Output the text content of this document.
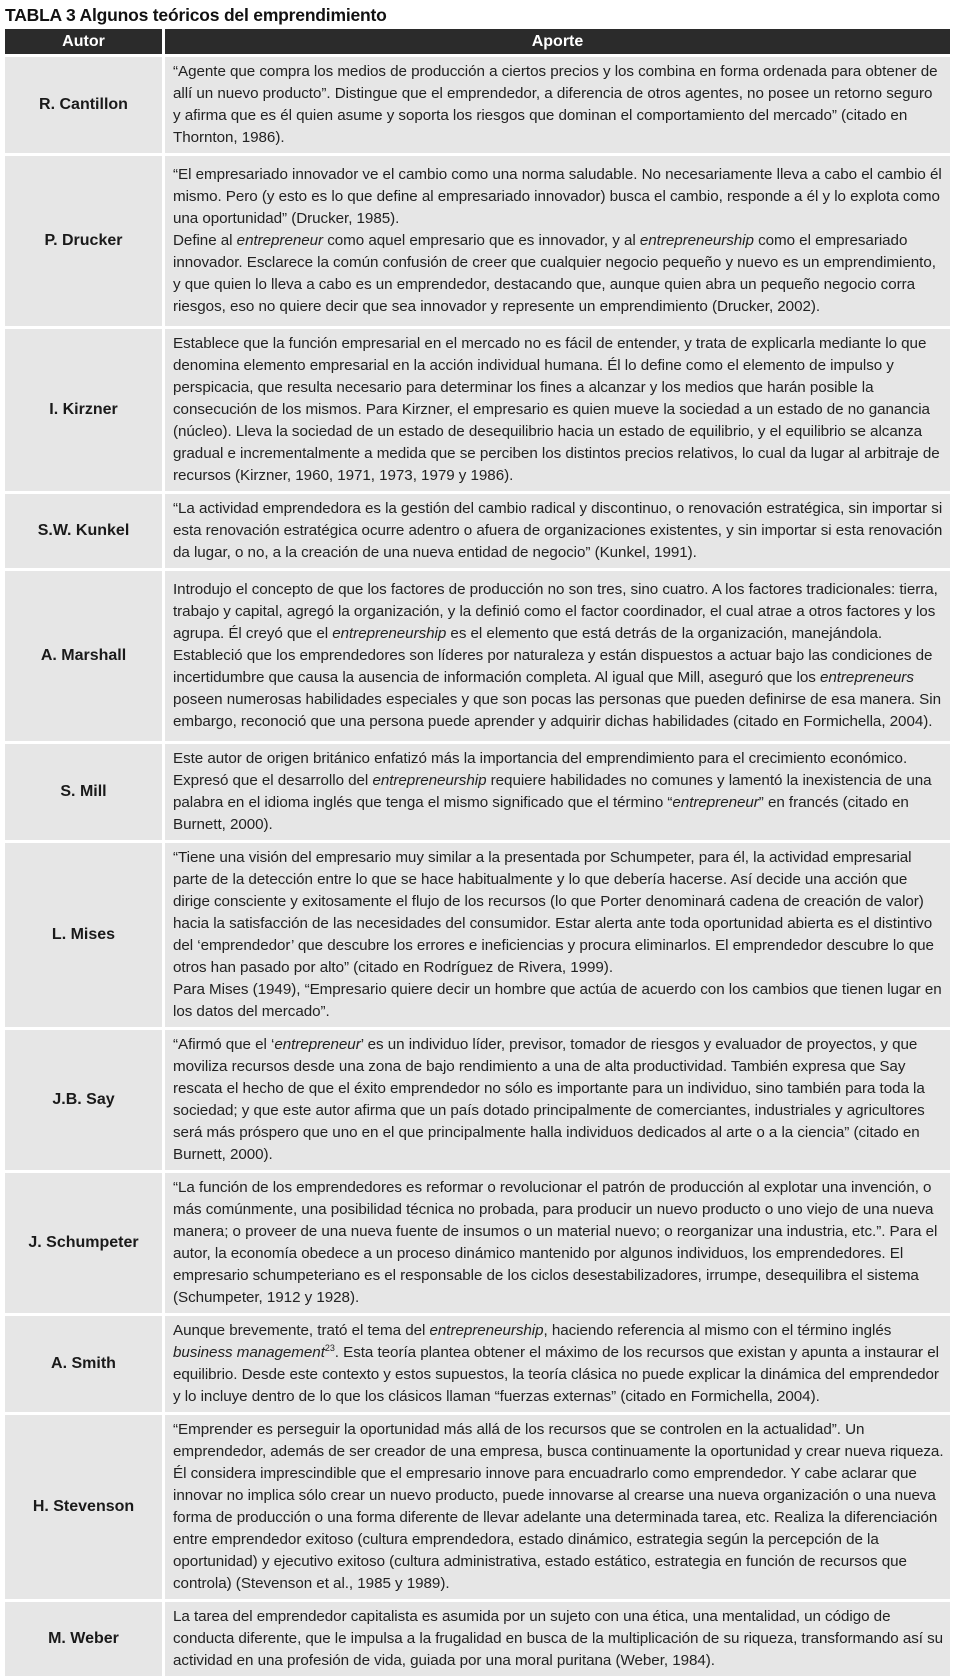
TABLA 3 Algunos teóricos del emprendimiento
Autor	Aporte
R. Cantillon	“Agente que compra los medios de producción a ciertos precios y los combina en forma ordenada para obtener de allí un nuevo producto”. Distingue que el emprendedor, a diferencia de otros agentes, no posee un retorno seguro y afirma que es él quien asume y soporta los riesgos que dominan el comportamiento del mercado” (citado en Thornton, 1986).

P. Drucker	“El empresariado innovador ve el cambio como una norma saludable. No necesariamente lleva a cabo el cambio él mismo. Pero (y esto es lo que define al empresariado innovador) busca el cambio, responde a él y lo explota como una oportunidad” (Drucker, 1985).
Define al entrepreneur como aquel empresario que es innovador, y al entrepreneurship como el empresariado innovador. Esclarece la común confusión de creer que cualquier negocio pequeño y nuevo es un emprendimiento, y que quien lo lleva a cabo es un emprendedor, destacando que, aunque quien abra un pequeño negocio corra riesgos, eso no quiere decir que sea innovador y represente un emprendimiento (Drucker, 2002).

I. Kirzner	Establece que la función empresarial en el mercado no es fácil de entender, y trata de explicarla mediante lo que denomina elemento empresarial en la acción individual humana. Él lo define como el elemento de impulso y perspicacia, que resulta necesario para determinar los fines a alcanzar y los medios que harán posible la consecución de los mismos. Para Kirzner, el empresario es quien mueve la sociedad a un estado de no ganancia (núcleo). Lleva la sociedad de un estado de desequilibrio hacia un estado de equilibrio, y el equilibrio se alcanza gradual e incrementalmente a medida que se perciben los distintos precios relativos, lo cual da lugar al arbitraje de recursos (Kirzner, 1960, 1971, 1973, 1979 y 1986).

S.W. Kunkel	“La actividad emprendedora es la gestión del cambio radical y discontinuo, o renovación estratégica, sin importar si esta renovación estratégica ocurre adentro o afuera de organizaciones existentes, y sin importar si esta renovación da lugar, o no, a la creación de una nueva entidad de negocio” (Kunkel, 1991).

A. Marshall	Introdujo el concepto de que los factores de producción no son tres, sino cuatro. A los factores tradicionales: tierra, trabajo y capital, agregó la organización, y la definió como el factor coordinador, el cual atrae a otros factores y los agrupa. Él creyó que el entrepreneurship es el elemento que está detrás de la organización, manejándola. Estableció que los emprendedores son líderes por naturaleza y están dispuestos a actuar bajo las condiciones de incertidumbre que causa la ausencia de información completa. Al igual que Mill, aseguró que los entrepreneurs poseen numerosas habilidades especiales y que son pocas las personas que pueden definirse de esa manera. Sin embargo, reconoció que una persona puede aprender y adquirir dichas habilidades (citado en Formichella, 2004).

S. Mill	Este autor de origen británico enfatizó más la importancia del emprendimiento para el crecimiento económico. Expresó que el desarrollo del entrepreneurship requiere habilidades no comunes y lamentó la inexistencia de una palabra en el idioma inglés que tenga el mismo significado que el término “entrepreneur” en francés (citado en Burnett, 2000).

L. Mises	“Tiene una visión del empresario muy similar a la presentada por Schumpeter, para él, la actividad empresarial parte de la detección entre lo que se hace habitualmente y lo que debería hacerse. Así decide una acción que dirige consciente y exitosamente el flujo de los recursos (lo que Porter denominará cadena de creación de valor) hacia la satisfacción de las necesidades del consumidor. Estar alerta ante toda oportunidad abierta es el distintivo del ‘emprendedor’ que descubre los errores e ineficiencias y procura eliminarlos. El emprendedor descubre lo que otros han pasado por alto” (citado en Rodríguez de Rivera, 1999).
Para Mises (1949), “Empresario quiere decir un hombre que actúa de acuerdo con los cambios que tienen lugar en los datos del mercado”.

J.B. Say	“Afirmó que el ‘entrepreneur’ es un individuo líder, previsor, tomador de riesgos y evaluador de proyectos, y que moviliza recursos desde una zona de bajo rendimiento a una de alta productividad. También expresa que Say rescata el hecho de que el éxito emprendedor no sólo es importante para un individuo, sino también para toda la sociedad; y que este autor afirma que un país dotado principalmente de comerciantes, industriales y agricultores será más próspero que uno en el que principalmente halla individuos dedicados al arte o a la ciencia” (citado en Burnett, 2000).

J. Schumpeter	“La función de los emprendedores es reformar o revolucionar el patrón de producción al explotar una invención, o más comúnmente, una posibilidad técnica no probada, para producir un nuevo producto o uno viejo de una nueva manera; o proveer de una nueva fuente de insumos o un material nuevo; o reorganizar una industria, etc.”. Para el autor, la economía obedece a un proceso dinámico mantenido por algunos individuos, los emprendedores. El empresario schumpeteriano es el responsable de los ciclos desestabilizadores, irrumpe, desequilibra el sistema (Schumpeter, 1912 y 1928).

A. Smith	Aunque brevemente, trató el tema del entrepreneurship, haciendo referencia al mismo con el término inglés business management$^{23}$. Esta teoría plantea obtener el máximo de los recursos que existan y apunta a instaurar el equilibrio. Desde este contexto y estos supuestos, la teoría clásica no puede explicar la dinámica del emprendedor y lo incluye dentro de lo que los clásicos llaman “fuerzas externas” (citado en Formichella, 2004).

H. Stevenson	“Emprender es perseguir la oportunidad más allá de los recursos que se controlen en la actualidad”. Un emprendedor, además de ser creador de una empresa, busca continuamente la oportunidad y crear nueva riqueza. Él considera imprescindible que el empresario innove para encuadrarlo como emprendedor. Y cabe aclarar que innovar no implica sólo crear un nuevo producto, puede innovarse al crearse una nueva organización o una nueva forma de producción o una forma diferente de llevar adelante una determinada tarea, etc. Realiza la diferenciación entre emprendedor exitoso (cultura emprendedora, estado dinámico, estrategia según la percepción de la oportunidad) y ejecutivo exitoso (cultura administrativa, estado estático, estrategia en función de recursos que controla) (Stevenson et al., 1985 y 1989).

M. Weber	La tarea del emprendedor capitalista es asumida por un sujeto con una ética, una mentalidad, un código de conducta diferente, que le impulsa a la frugalidad en busca de la multiplicación de su riqueza, transformando así su actividad en una profesión de vida, guiada por una moral puritana (Weber, 1984).
